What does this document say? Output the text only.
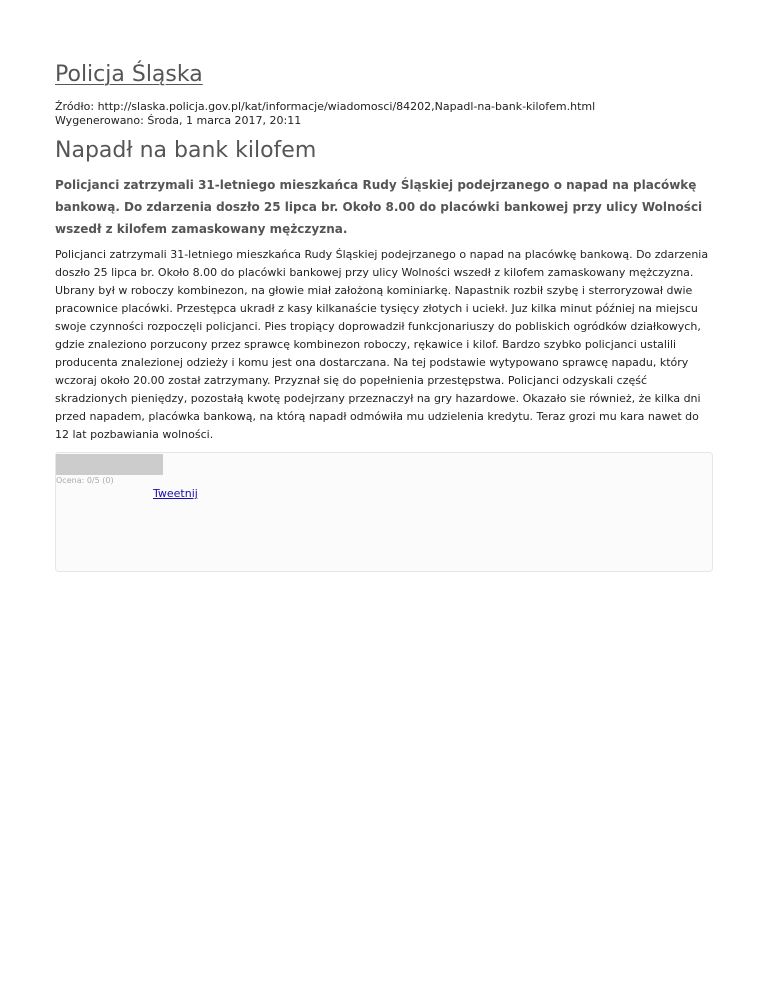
Policja Śląska
Źródło: http://slaska.policja.gov.pl/kat/informacje/wiadomosci/84202,Napadl-na-bank-kilofem.html
Wygenerowano: Środa, 1 marca 2017, 20:11
Napadł na bank kilofem

Policjanci zatrzymali 31-letniego mieszkańca Rudy Śląskiej podejrzanego o napad na placówkę bankową. Do zdarzenia doszło 25 lipca br. Około 8.00 do placówki bankowej przy ulicy Wolności wszedł z kilofem zamaskowany mężczyzna.

Policjanci zatrzymali 31-letniego mieszkańca Rudy Śląskiej podejrzanego o napad na placówkę bankową. Do zdarzenia doszło 25 lipca br. Około 8.00 do placówki bankowej przy ulicy Wolności wszedł z kilofem zamaskowany mężczyzna. Ubrany był w roboczy kombinezon, na głowie miał założoną kominiarkę. Napastnik rozbił szybę i sterroryzował dwie pracownice placówki. Przestępca ukradł z kasy kilkanaście tysięcy złotych i uciekł. Juz kilka minut później na miejscu swoje czynności rozpoczęli policjanci. Pies tropiący doprowadził funkcjonariuszy do pobliskich ogródków działkowych, gdzie znaleziono porzucony przez sprawcę kombinezon roboczy, rękawice i kilof. Bardzo szybko policjanci ustalili producenta znalezionej odzieży i komu jest ona dostarczana. Na tej podstawie wytypowano sprawcę napadu, który wczoraj około 20.00 został zatrzymany. Przyznał się do popełnienia przestępstwa. Policjanci odzyskali część skradzionych pieniędzy, pozostałą kwotę podejrzany przeznaczył na gry hazardowe. Okazało sie również, że kilka dni przed napadem, placówka bankową, na którą napadł odmówiła mu udzielenia kredytu. Teraz grozi mu kara nawet do 12 lat pozbawiania wolności.

Ocena: 0/5 (0)
Tweetnij
